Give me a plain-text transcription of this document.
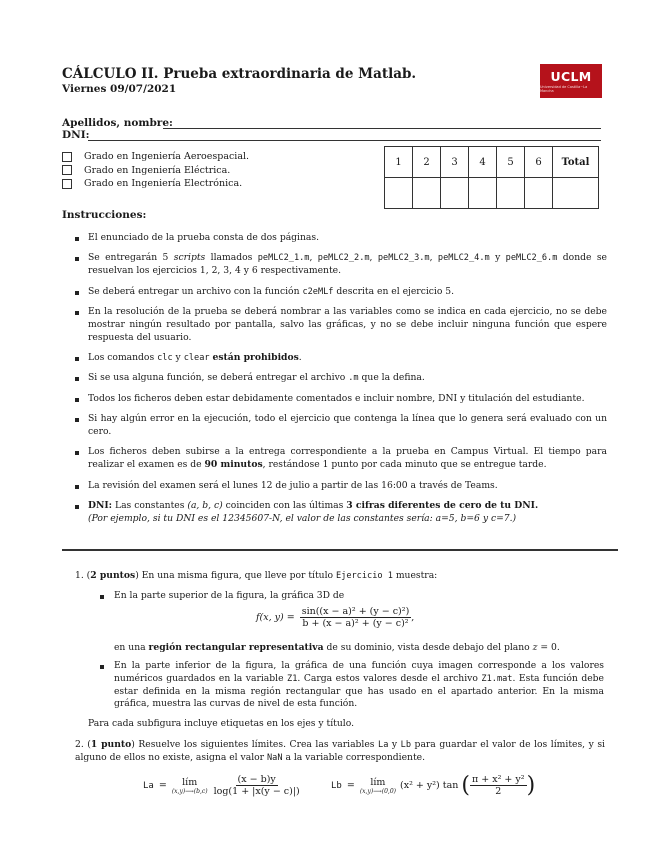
CÁLCULO II. Prueba extraordinaria de Matlab.
Viernes 09/07/2021
UCLM
Universidad de Castilla~La Mancha
Apellidos, nombre:
DNI:
Grado en Ingeniería Aeroespacial.
Grado en Ingeniería Eléctrica.
Grado en Ingeniería Electrónica.
1	2	3	4	5	6	Total

Instrucciones:
El enunciado de la prueba consta de dos páginas.
Se entregarán 5 scripts llamados peMLC2_1.m, peMLC2_2.m, peMLC2_3.m, peMLC2_4.m y peMLC2_6.m donde se resuelvan los ejercicios 1, 2, 3, 4 y 6 respectivamente.
Se deberá entregar un archivo con la función c2eMLf descrita en el ejercicio 5.
En la resolución de la prueba se deberá nombrar a las variables como se indica en cada ejercicio, no se debe mostrar ningún resultado por pantalla, salvo las gráficas, y no se debe incluir ninguna función que espere respuesta del usuario.
Los comandos clc y clear están prohibidos.
Si se usa alguna función, se deberá entregar el archivo .m que la defina.
Todos los ficheros deben estar debidamente comentados e incluir nombre, DNI y titulación del estudiante.
Si hay algún error en la ejecución, todo el ejercicio que contenga la línea que lo genera será evaluado con un cero.
Los ficheros deben subirse a la entrega correspondiente a la prueba en Campus Virtual. El tiempo para realizar el examen es de 90 minutos, restándose 1 punto por cada minuto que se entregue tarde.
La revisión del examen será el lunes 12 de julio a partir de las 16:00 a través de Teams.
DNI: Las constantes (a, b, c) coinciden con las últimas 3 cifras diferentes de cero de tu DNI.
(Por ejemplo, si tu DNI es el 12345607-N, el valor de las constantes sería: a=5, b=6 y c=7.)
1. (2 puntos) En una misma figura, que lleve por título Ejercicio 1 muestra:
En la parte superior de la figura, la gráfica 3D de
f(x, $y) = \frac{\text{sin((x − a)² + (y − c)²)}}{\text{b + (x − a)² + (y − c)²}}$ ,
en una región rectangular representativa de su dominio, vista desde debajo del plano z = 0.
En la parte inferior de la figura, la gráfica de una función cuya imagen corresponde a los valores numéricos guardados en la variable Z1. Carga estos valores desde el archivo Z1.mat. Esta función debe estar definida en la misma región rectangular que has usado en el apartado anterior. En la misma gráfica, muestra las curvas de nivel de esta función.
Para cada subfigura incluye etiquetas en los ejes y título.
2. (1 punto) Resuelve los siguientes límites. Crea las variables La y Lb para guardar el valor de los límites, y si alguno de ellos no existe, asigna el valor NaN a la variable correspondiente.
La = lím
(x,y)⟶(b,c) $\frac{(x - b)y}{\log(1 + |x(y - c)|)}$	Lb = lím
(x,y)⟶(0,0) (x² + y²) tan ( $\frac{\text{π + x² + y²}}{2}$ )
